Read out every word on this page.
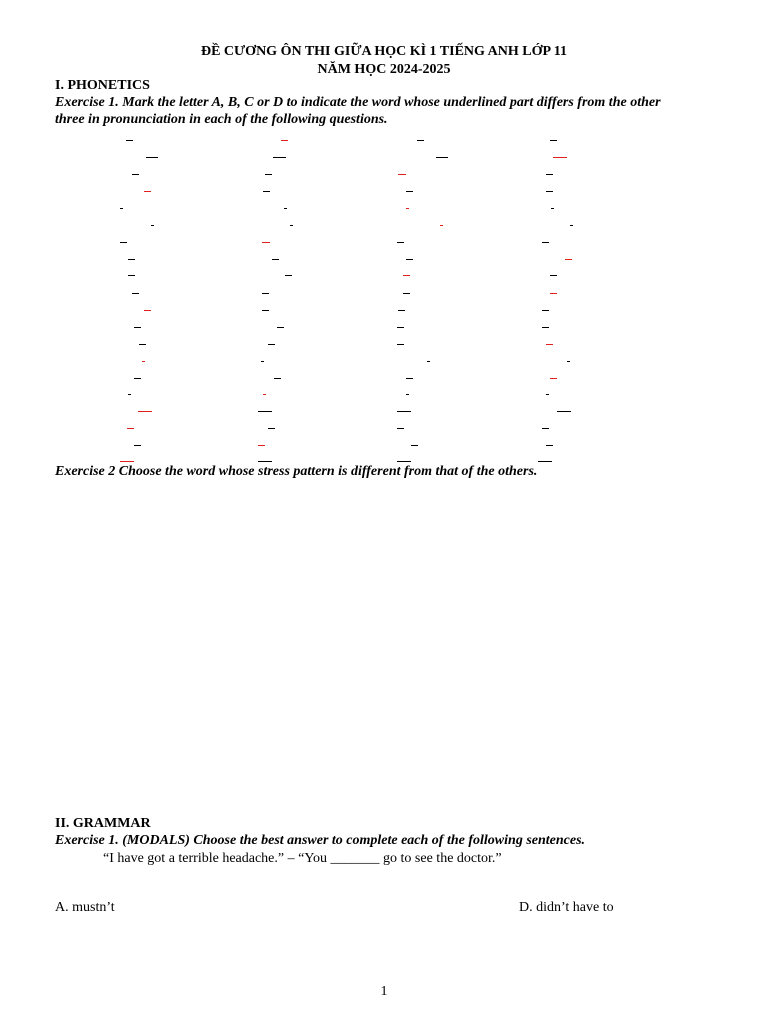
ĐỀ CƯƠNG ÔN THI GIỮA HỌC KÌ 1 TIẾNG ANH LỚP 11
NĂM HỌC 2024-2025
I. PHONETICS
Exercise 1. Mark the letter A, B, C or D to indicate the word whose underlined part differs from the other
three in pronunciation in each of the following questions.
Exercise 2 Choose the word whose stress pattern is different from that of the others.
II. GRAMMAR
Exercise 1. (MODALS) Choose the best answer to complete each of the following sentences.
“I have got a terrible headache.” – “You _______ go to see the doctor.”
A. mustn’t	D. didn’t have to
1
